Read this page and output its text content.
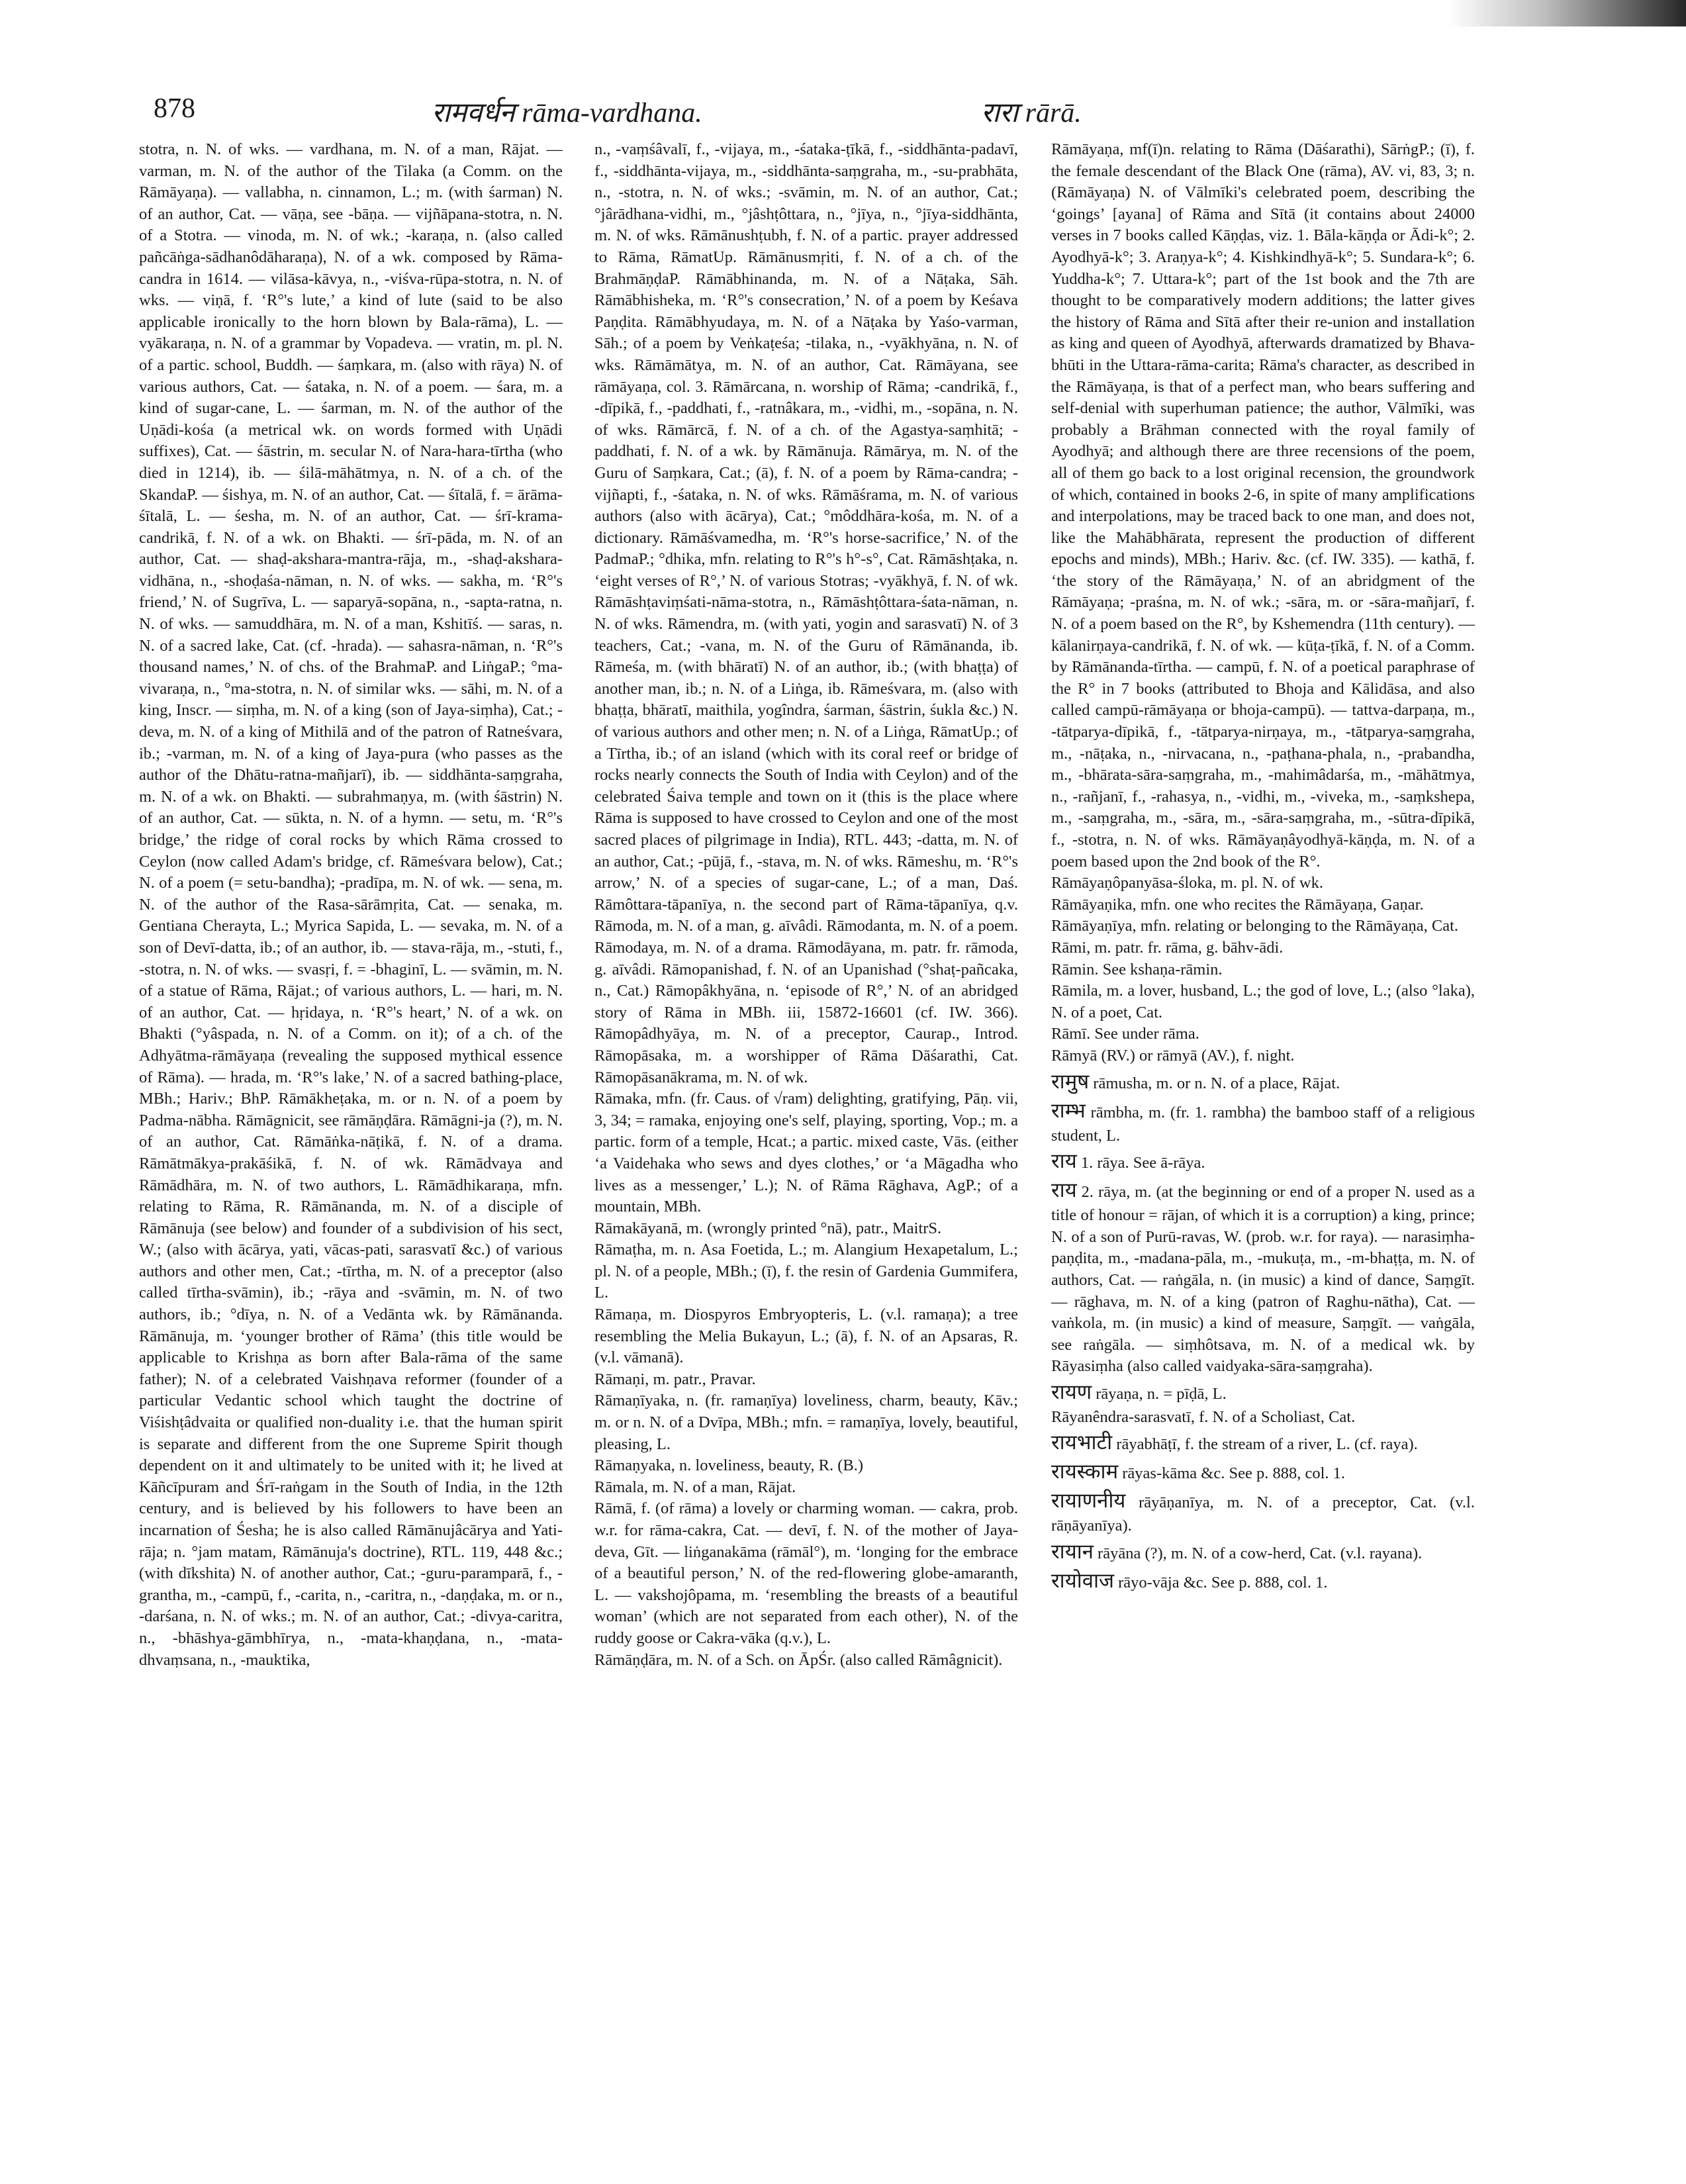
878	रामवर्धन rāma-vardhana.	रारा rārā.

stotra, n. N. of wks. — vardhana, m. N. of a man, Rājat. — varman, m. N. of the author of the Tilaka (a Comm. on the Rāmāyaṇa). — vallabha, n. cinnamon, L.; m. (with śarman) N. of an author, Cat. — vāṇa, see -bāṇa. — vijñāpana-stotra, n. N. of a Stotra. — vinoda, m. N. of wk.; -karaṇa, n. (also called pañcāṅga-sādhanôdāharaṇa), N. of a wk. composed by Rāma-candra in 1614. — vilāsa-kāvya, n., -viśva-rūpa-stotra, n. N. of wks. — viṇā, f. ‘R°'s lute,’ a kind of lute (said to be also applicable ironically to the horn blown by Bala-rāma), L. — vyākaraṇa, n. N. of a grammar by Vopadeva. — vratin, m. pl. N. of a partic. school, Buddh. — śaṃkara, m. (also with rāya) N. of various authors, Cat. — śataka, n. N. of a poem. — śara, m. a kind of sugar-cane, L. — śarman, m. N. of the author of the Uṇādi-kośa (a metrical wk. on words formed with Uṇādi suffixes), Cat. — śāstrin, m. secular N. of Nara-hara-tīrtha (who died in 1214), ib. — śilā-māhātmya, n. N. of a ch. of the SkandaP. — śishya, m. N. of an author, Cat. — śītalā, f. = ārāma-śītalā, L. — śesha, m. N. of an author, Cat. — śrī-krama-candrikā, f. N. of a wk. on Bhakti. — śrī-pāda, m. N. of an author, Cat. — shaḍ-akshara-mantra-rāja, m., -shaḍ-akshara-vidhāna, n., -shoḍaśa-nāman, n. N. of wks. — sakha, m. ‘R°'s friend,’ N. of Sugrīva, L. — saparyā-sopāna, n., -sapta-ratna, n. N. of wks. — samuddhāra, m. N. of a man, Kshitīś. — saras, n. N. of a sacred lake, Cat. (cf. -hrada). — sahasra-nāman, n. ‘R°'s thousand names,’ N. of chs. of the BrahmaP. and LiṅgaP.; °ma-vivaraṇa, n., °ma-stotra, n. N. of similar wks. — sāhi, m. N. of a king, Inscr. — siṃha, m. N. of a king (son of Jaya-siṃha), Cat.; -deva, m. N. of a king of Mithilā and of the patron of Ratneśvara, ib.; -varman, m. N. of a king of Jaya-pura (who passes as the author of the Dhātu-ratna-mañjarī), ib. — siddhānta-saṃgraha, m. N. of a wk. on Bhakti. — subrahmaṇya, m. (with śāstrin) N. of an author, Cat. — sūkta, n. N. of a hymn. — setu, m. ‘R°'s bridge,’ the ridge of coral rocks by which Rāma crossed to Ceylon (now called Adam's bridge, cf. Rāmeśvara below), Cat.; N. of a poem (= setu-bandha); -pradīpa, m. N. of wk. — sena, m. N. of the author of the Rasa-sārāmṛita, Cat. — senaka, m. Gentiana Cherayta, L.; Myrica Sapida, L. — sevaka, m. N. of a son of Devī-datta, ib.; of an author, ib. — stava-rāja, m., -stuti, f., -stotra, n. N. of wks. — svasṛi, f. = -bhaginī, L. — svāmin, m. N. of a statue of Rāma, Rājat.; of various authors, L. — hari, m. N. of an author, Cat. — hṛidaya, n. ‘R°'s heart,’ N. of a wk. on Bhakti (°yâspada, n. N. of a Comm. on it); of a ch. of the Adhyātma-rāmāyaṇa (revealing the supposed mythical essence of Rāma). — hrada, m. ‘R°'s lake,’ N. of a sacred bathing-place, MBh.; Hariv.; BhP. Rāmākheṭaka, m. or n. N. of a poem by Padma-nābha. Rāmāgnicit, see rāmāṇḍāra. Rāmāgni-ja (?), m. N. of an author, Cat. Rāmāṅka-nāṭikā, f. N. of a drama. Rāmātmākya-prakāśikā, f. N. of wk. Rāmādvaya and Rāmādhāra, m. N. of two authors, L. Rāmādhikaraṇa, mfn. relating to Rāma, R. Rāmānanda, m. N. of a disciple of Rāmānuja (see below) and founder of a subdivision of his sect, W.; (also with ācārya, yati, vācas-pati, sarasvatī &c.) of various authors and other men, Cat.; -tīrtha, m. N. of a preceptor (also called tīrtha-svāmin), ib.; -rāya and -svāmin, m. N. of two authors, ib.; °dīya, n. N. of a Vedānta wk. by Rāmānanda. Rāmānuja, m. ‘younger brother of Rāma’ (this title would be applicable to Krishṇa as born after Bala-rāma of the same father); N. of a celebrated Vaishṇava reformer (founder of a particular Vedantic school which taught the doctrine of Viśishṭâdvaita or qualified non-duality i.e. that the human spirit is separate and different from the one Supreme Spirit though dependent on it and ultimately to be united with it; he lived at Kāñcīpuram and Śrī-raṅgam in the South of India, in the 12th century, and is believed by his followers to have been an incarnation of Śesha; he is also called Rāmānujâcārya and Yati-rāja; n. °jam matam, Rāmānuja's doctrine), RTL. 119, 448 &c.; (with dīkshita) N. of another author, Cat.; -guru-paramparā, f., -grantha, m., -campū, f., -carita, n., -caritra, n., -daṇḍaka, m. or n., -darśana, n. N. of wks.; m. N. of an author, Cat.; -divya-caritra, n., -bhāshya-gāmbhīrya, n., -mata-khaṇḍana, n., -mata-dhvaṃsana, n., -mauktika,

n., -vaṃśâvalī, f., -vijaya, m., -śataka-ṭīkā, f., -siddhānta-padavī, f., -siddhānta-vijaya, m., -siddhānta-saṃgraha, m., -su-prabhāta, n., -stotra, n. N. of wks.; -svāmin, m. N. of an author, Cat.; °jârādhana-vidhi, m., °jâshṭôttara, n., °jīya, n., °jīya-siddhānta, m. N. of wks. Rāmānushṭubh, f. N. of a partic. prayer addressed to Rāma, RāmatUp. Rāmānusmṛiti, f. N. of a ch. of the BrahmāṇḍaP. Rāmābhinanda, m. N. of a Nāṭaka, Sāh. Rāmābhisheka, m. ‘R°'s consecration,’ N. of a poem by Keśava Paṇḍita. Rāmābhyudaya, m. N. of a Nāṭaka by Yaśo-varman, Sāh.; of a poem by Veṅkaṭeśa; -tilaka, n., -vyākhyāna, n. N. of wks. Rāmāmātya, m. N. of an author, Cat. Rāmāyana, see rāmāyaṇa, col. 3. Rāmārcana, n. worship of Rāma; -candrikā, f., -dīpikā, f., -paddhati, f., -ratnâkara, m., -vidhi, m., -sopāna, n. N. of wks. Rāmārcā, f. N. of a ch. of the Agastya-saṃhitā; -paddhati, f. N. of a wk. by Rāmānuja. Rāmārya, m. N. of the Guru of Saṃkara, Cat.; (ā), f. N. of a poem by Rāma-candra; -vijñapti, f., -śataka, n. N. of wks. Rāmāśrama, m. N. of various authors (also with ācārya), Cat.; °môddhāra-kośa, m. N. of a dictionary. Rāmāśvamedha, m. ‘R°'s horse-sacrifice,’ N. of the PadmaP.; °dhika, mfn. relating to R°'s h°-s°, Cat. Rāmāshṭaka, n. ‘eight verses of R°,’ N. of various Stotras; -vyākhyā, f. N. of wk. Rāmāshṭaviṃśati-nāma-stotra, n., Rāmāshṭôttara-śata-nāman, n. N. of wks. Rāmendra, m. (with yati, yogin and sarasvatī) N. of 3 teachers, Cat.; -vana, m. N. of the Guru of Rāmānanda, ib. Rāmeśa, m. (with bhāratī) N. of an author, ib.; (with bhaṭṭa) of another man, ib.; n. N. of a Liṅga, ib. Rāmeśvara, m. (also with bhaṭṭa, bhāratī, maithila, yogîndra, śarman, śāstrin, śukla &c.) N. of various authors and other men; n. N. of a Liṅga, RāmatUp.; of a Tīrtha, ib.; of an island (which with its coral reef or bridge of rocks nearly connects the South of India with Ceylon) and of the celebrated Śaiva temple and town on it (this is the place where Rāma is supposed to have crossed to Ceylon and one of the most sacred places of pilgrimage in India), RTL. 443; -datta, m. N. of an author, Cat.; -pūjā, f., -stava, m. N. of wks. Rāmeshu, m. ‘R°'s arrow,’ N. of a species of sugar-cane, L.; of a man, Daś. Rāmôttara-tāpanīya, n. the second part of Rāma-tāpanīya, q.v. Rāmoda, m. N. of a man, g. aīvâdi. Rāmodanta, m. N. of a poem. Rāmodaya, m. N. of a drama. Rāmodāyana, m. patr. fr. rāmoda, g. aīvâdi. Rāmopanishad, f. N. of an Upanishad (°shaṭ-pañcaka, n., Cat.) Rāmopâkhyāna, n. ‘episode of R°,’ N. of an abridged story of Rāma in MBh. iii, 15872-16601 (cf. IW. 366). Rāmopâdhyāya, m. N. of a preceptor, Caurap., Introd. Rāmopāsaka, m. a worshipper of Rāma Dāśarathi, Cat. Rāmopāsanākrama, m. N. of wk.

Rāmaka, mfn. (fr. Caus. of √ram) delighting, gratifying, Pāṇ. vii, 3, 34; = ramaka, enjoying one's self, playing, sporting, Vop.; m. a partic. form of a temple, Hcat.; a partic. mixed caste, Vās. (either ‘a Vaidehaka who sews and dyes clothes,’ or ‘a Māgadha who lives as a messenger,’ L.); N. of Rāma Rāghava, AgP.; of a mountain, MBh.

Rāmakāyanā, m. (wrongly printed °nā), patr., MaitrS.

Rāmaṭha, m. n. Asa Foetida, L.; m. Alangium Hexapetalum, L.; pl. N. of a people, MBh.; (ī), f. the resin of Gardenia Gummifera, L.

Rāmaṇa, m. Diospyros Embryopteris, L. (v.l. ramaṇa); a tree resembling the Melia Bukayun, L.; (ā), f. N. of an Apsaras, R. (v.l. vāmanā).

Rāmaṇi, m. patr., Pravar.

Rāmaṇīyaka, n. (fr. ramaṇīya) loveliness, charm, beauty, Kāv.; m. or n. N. of a Dvīpa, MBh.; mfn. = ramaṇīya, lovely, beautiful, pleasing, L.

Rāmaṇyaka, n. loveliness, beauty, R. (B.)

Rāmala, m. N. of a man, Rājat.

Rāmā, f. (of rāma) a lovely or charming woman. — cakra, prob. w.r. for rāma-cakra, Cat. — devī, f. N. of the mother of Jaya-deva, Gīt. — liṅganakāma (rāmāl°), m. ‘longing for the embrace of a beautiful person,’ N. of the red-flowering globe-amaranth, L. — vakshojôpama, m. ‘resembling the breasts of a beautiful woman’ (which are not separated from each other), N. of the ruddy goose or Cakra-vāka (q.v.), L.

Rāmāṇḍāra, m. N. of a Sch. on ĀpŚr. (also called Rāmâgnicit).

Rāmāyaṇa, mf(ī)n. relating to Rāma (Dāśarathi), SārṅgP.; (ī), f. the female descendant of the Black One (rāma), AV. vi, 83, 3; n. (Rāmāyaṇa) N. of Vālmīki's celebrated poem, describing the ‘goings’ [ayana] of Rāma and Sītā (it contains about 24000 verses in 7 books called Kāṇḍas, viz. 1. Bāla-kāṇḍa or Ādi-k°; 2. Ayodhyā-k°; 3. Araṇya-k°; 4. Kishkindhyā-k°; 5. Sundara-k°; 6. Yuddha-k°; 7. Uttara-k°; part of the 1st book and the 7th are thought to be comparatively modern additions; the latter gives the history of Rāma and Sītā after their re-union and installation as king and queen of Ayodhyā, afterwards dramatized by Bhava-bhūti in the Uttara-rāma-carita; Rāma's character, as described in the Rāmāyaṇa, is that of a perfect man, who bears suffering and self-denial with superhuman patience; the author, Vālmīki, was probably a Brāhman connected with the royal family of Ayodhyā; and although there are three recensions of the poem, all of them go back to a lost original recension, the groundwork of which, contained in books 2-6, in spite of many amplifications and interpolations, may be traced back to one man, and does not, like the Mahābhārata, represent the production of different epochs and minds), MBh.; Hariv. &c. (cf. IW. 335). — kathā, f. ‘the story of the Rāmāyaṇa,’ N. of an abridgment of the Rāmāyaṇa; -praśna, m. N. of wk.; -sāra, m. or -sāra-mañjarī, f. N. of a poem based on the R°, by Kshemendra (11th century). — kālanirṇaya-candrikā, f. N. of wk. — kūṭa-ṭīkā, f. N. of a Comm. by Rāmānanda-tīrtha. — campū, f. N. of a poetical paraphrase of the R° in 7 books (attributed to Bhoja and Kālidāsa, and also called campū-rāmāyaṇa or bhoja-campū). — tattva-darpaṇa, m., -tātparya-dīpikā, f., -tātparya-nirṇaya, m., -tātparya-saṃgraha, m., -nāṭaka, n., -nirvacana, n., -paṭhana-phala, n., -prabandha, m., -bhārata-sāra-saṃgraha, m., -mahimâdarśa, m., -māhātmya, n., -rañjanī, f., -rahasya, n., -vidhi, m., -viveka, m., -saṃkshepa, m., -saṃgraha, m., -sāra, m., -sāra-saṃgraha, m., -sūtra-dīpikā, f., -stotra, n. N. of wks. Rāmāyaṇâyodhyā-kāṇḍa, m. N. of a poem based upon the 2nd book of the R°.

Rāmāyaṇôpanyāsa-śloka, m. pl. N. of wk.

Rāmāyaṇika, mfn. one who recites the Rāmāyaṇa, Gaṇar.

Rāmāyaṇīya, mfn. relating or belonging to the Rāmāyaṇa, Cat.

Rāmi, m. patr. fr. rāma, g. bāhv-ādi.

Rāmin. See kshaṇa-rāmin.

Rāmila, m. a lover, husband, L.; the god of love, L.; (also °laka), N. of a poet, Cat.

Rāmī. See under rāma.

Rāmyā (RV.) or rāmyā (AV.), f. night.

रामुष rāmusha, m. or n. N. of a place, Rājat.

राम्भ rāmbha, m. (fr. 1. rambha) the bamboo staff of a religious student, L.

राय 1. rāya. See ā-rāya.

राय 2. rāya, m. (at the beginning or end of a proper N. used as a title of honour = rājan, of which it is a corruption) a king, prince; N. of a son of Purū-ravas, W. (prob. w.r. for raya). — narasiṃha-paṇḍita, m., -madana-pāla, m., -mukuṭa, m., -m-bhaṭṭa, m. N. of authors, Cat. — raṅgāla, n. (in music) a kind of dance, Saṃgīt. — rāghava, m. N. of a king (patron of Raghu-nātha), Cat. — vaṅkola, m. (in music) a kind of measure, Saṃgīt. — vaṅgāla, see raṅgāla. — siṃhôtsava, m. N. of a medical wk. by Rāyasiṃha (also called vaidyaka-sāra-saṃgraha).

रायण rāyaṇa, n. = pīḍā, L.

Rāyanêndra-sarasvatī, f. N. of a Scholiast, Cat.

रायभाटी rāyabhāṭī, f. the stream of a river, L. (cf. raya).

रायस्काम rāyas-kāma &c. See p. 888, col. 1.

रायाणनीय rāyāṇanīya, m. N. of a preceptor, Cat. (v.l. rāṇāyanīya).

रायान rāyāna (?), m. N. of a cow-herd, Cat. (v.l. rayana).

रायोवाज rāyo-vāja &c. See p. 888, col. 1.
